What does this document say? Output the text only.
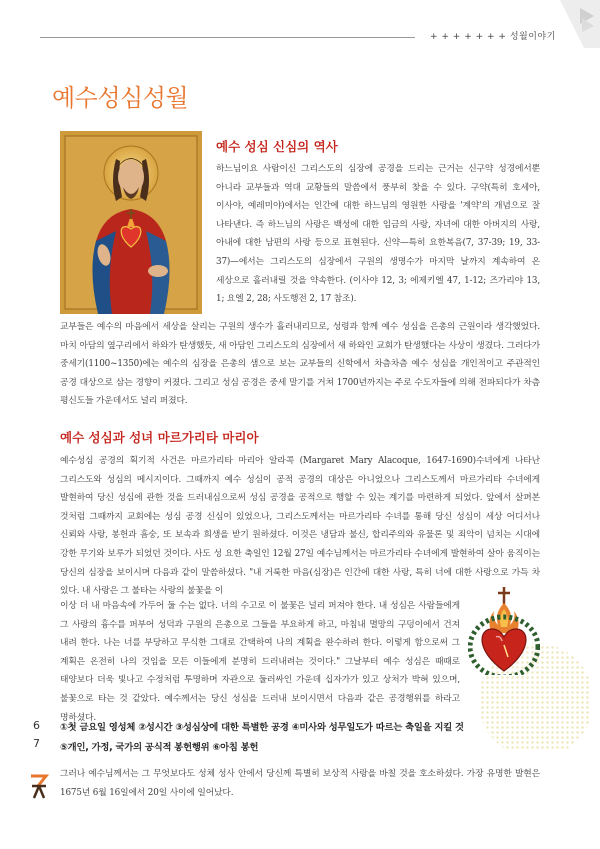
+ + + + + + + 성월이야기
예수성심성월
예수 성심 신심의 역사

하느님이요 사람이신 그리스도의 심장에 공경을 드리는 근거는 신구약 성경에서뿐 아니라 교부들과 역대 교황들의 말씀에서 풍부히 찾을 수 있다. 구약(특히 호세아, 이사야, 예레미야)에서는 인간에 대한 하느님의 영원한 사랑을 '계약'의 개념으로 잘 나타낸다. 즉 하느님의 사랑은 백성에 대한 임금의 사랑, 자녀에 대한 아버지의 사랑, 아내에 대한 남편의 사랑 등으로 표현된다. 신약—특히 요한복음(7, 37-39; 19, 33-37)—에서는 그리스도의 심장에서 구원의 생명수가 마지막 날까지 계속하여 온 세상으로 흘러내릴 것을 약속한다. (이사야 12, 3; 에제키엘 47, 1-12; 즈가리야 13, 1; 요엘 2, 28; 사도행전 2, 17 참조).

교부들은 예수의 마음에서 세상을 살리는 구원의 생수가 흘러내리므로, 성령과 함께 예수 성심을 은총의 근원이라 생각했었다. 마치 아담의 옆구리에서 하와가 탄생했듯, 새 아담인 그리스도의 심장에서 새 하와인 교회가 탄생했다는 사상이 생겼다. 그러다가 중세기(1100~1350)에는 예수의 심장을 은총의 샘으로 보는 교부들의 신학에서 차츰차츰 예수 성심을 개인적이고 주관적인 공경 대상으로 삼는 경향이 커졌다. 그리고 성심 공경은 중세 말기를 거쳐 1700년까지는 주로 수도자들에 의해 전파되다가 차츰 평신도들 가운데서도 널리 퍼졌다.

예수 성심과 성녀 마르가리타 마리아

예수성심 공경의 획기적 사건은 마르가리타 마리아 알라콕 (Margaret Mary Alacoque, 1647-1690)수녀에게 나타난 그리스도와 성심의 메시지이다. 그때까지 예수 성심이 공적 공경의 대상은 아니었으나 그리스도께서 마르가리타 수녀에게 발현하여 당신 성심에 관한 것을 드러내심으로써 성심 공경을 공적으로 행할 수 있는 계기를 마련하게 되었다. 앞에서 살펴본 것처럼 그때까지 교회에는 성심 공경 신심이 있었으나, 그리스도께서는 마르가리타 수녀를 통해 당신 성심이 세상 어디서나 신뢰와 사랑, 봉헌과 흠숭, 또 보속과 희생을 받기 원하셨다. 이것은 냉담과 불신, 합리주의와 유물론 및 죄악이 넘치는 시대에 강한 무기와 보루가 되었던 것이다. 사도 성 요한 축일인 12월 27일 예수님께서는 마르가리타 수녀에게 발현하여 살아 움직이는 당신의 심장을 보이시며 다음과 같이 말씀하셨다. "내 거룩한 마음(심장)은 인간에 대한 사랑, 특히 너에 대한 사랑으로 가득 차 있다. 내 사랑은 그 불타는 사랑의 불꽃을 이

이상 더 내 마음속에 가두어 둘 수는 없다. 너의 수고로 이 불꽃은 널리 퍼져야 한다. 내 성심은 사람들에게 그 사랑의 흉수를 퍼부어 성덕과 구원의 은총으로 그들을 부요하게 하고, 마침내 멸망의 구덩이에서 건져 내려 한다. 나는 너를 부당하고 무식한 그대로 간택하여 나의 계획을 완수하려 한다. 이렇게 함으로써 그 계획은 온전히 나의 것임을 모든 이들에게 분명히 드러내려는 것이다." 그날부터 예수 성심은 때때로 태양보다 더욱 빛나고 수정처럼 투명하며 자관으로 둘러싸인 가운데 십자가가 있고 상처가 박혀 있으며, 불꽃으로 타는 것 같았다. 예수께서는 당신 성심을 드러내 보이시면서 다음과 같은 공경행위를 하라고 명하셨다.

①첫 금요일 영성체 ②성시간 ③성심상에 대한 특별한 공경 ④미사와 성무일도가 따르는 축일을 지킬 것

⑤개인, 가정, 국가의 공식적 봉헌행위 ⑥아침 봉헌

그러나 예수님께서는 그 무엇보다도 성체 성사 안에서 당신께 특별히 보상적 사랑을 바칠 것을 호소하셨다. 가장 유명한 발현은 1675년 6월 16일에서 20일 사이에 일어났다.

6
7
